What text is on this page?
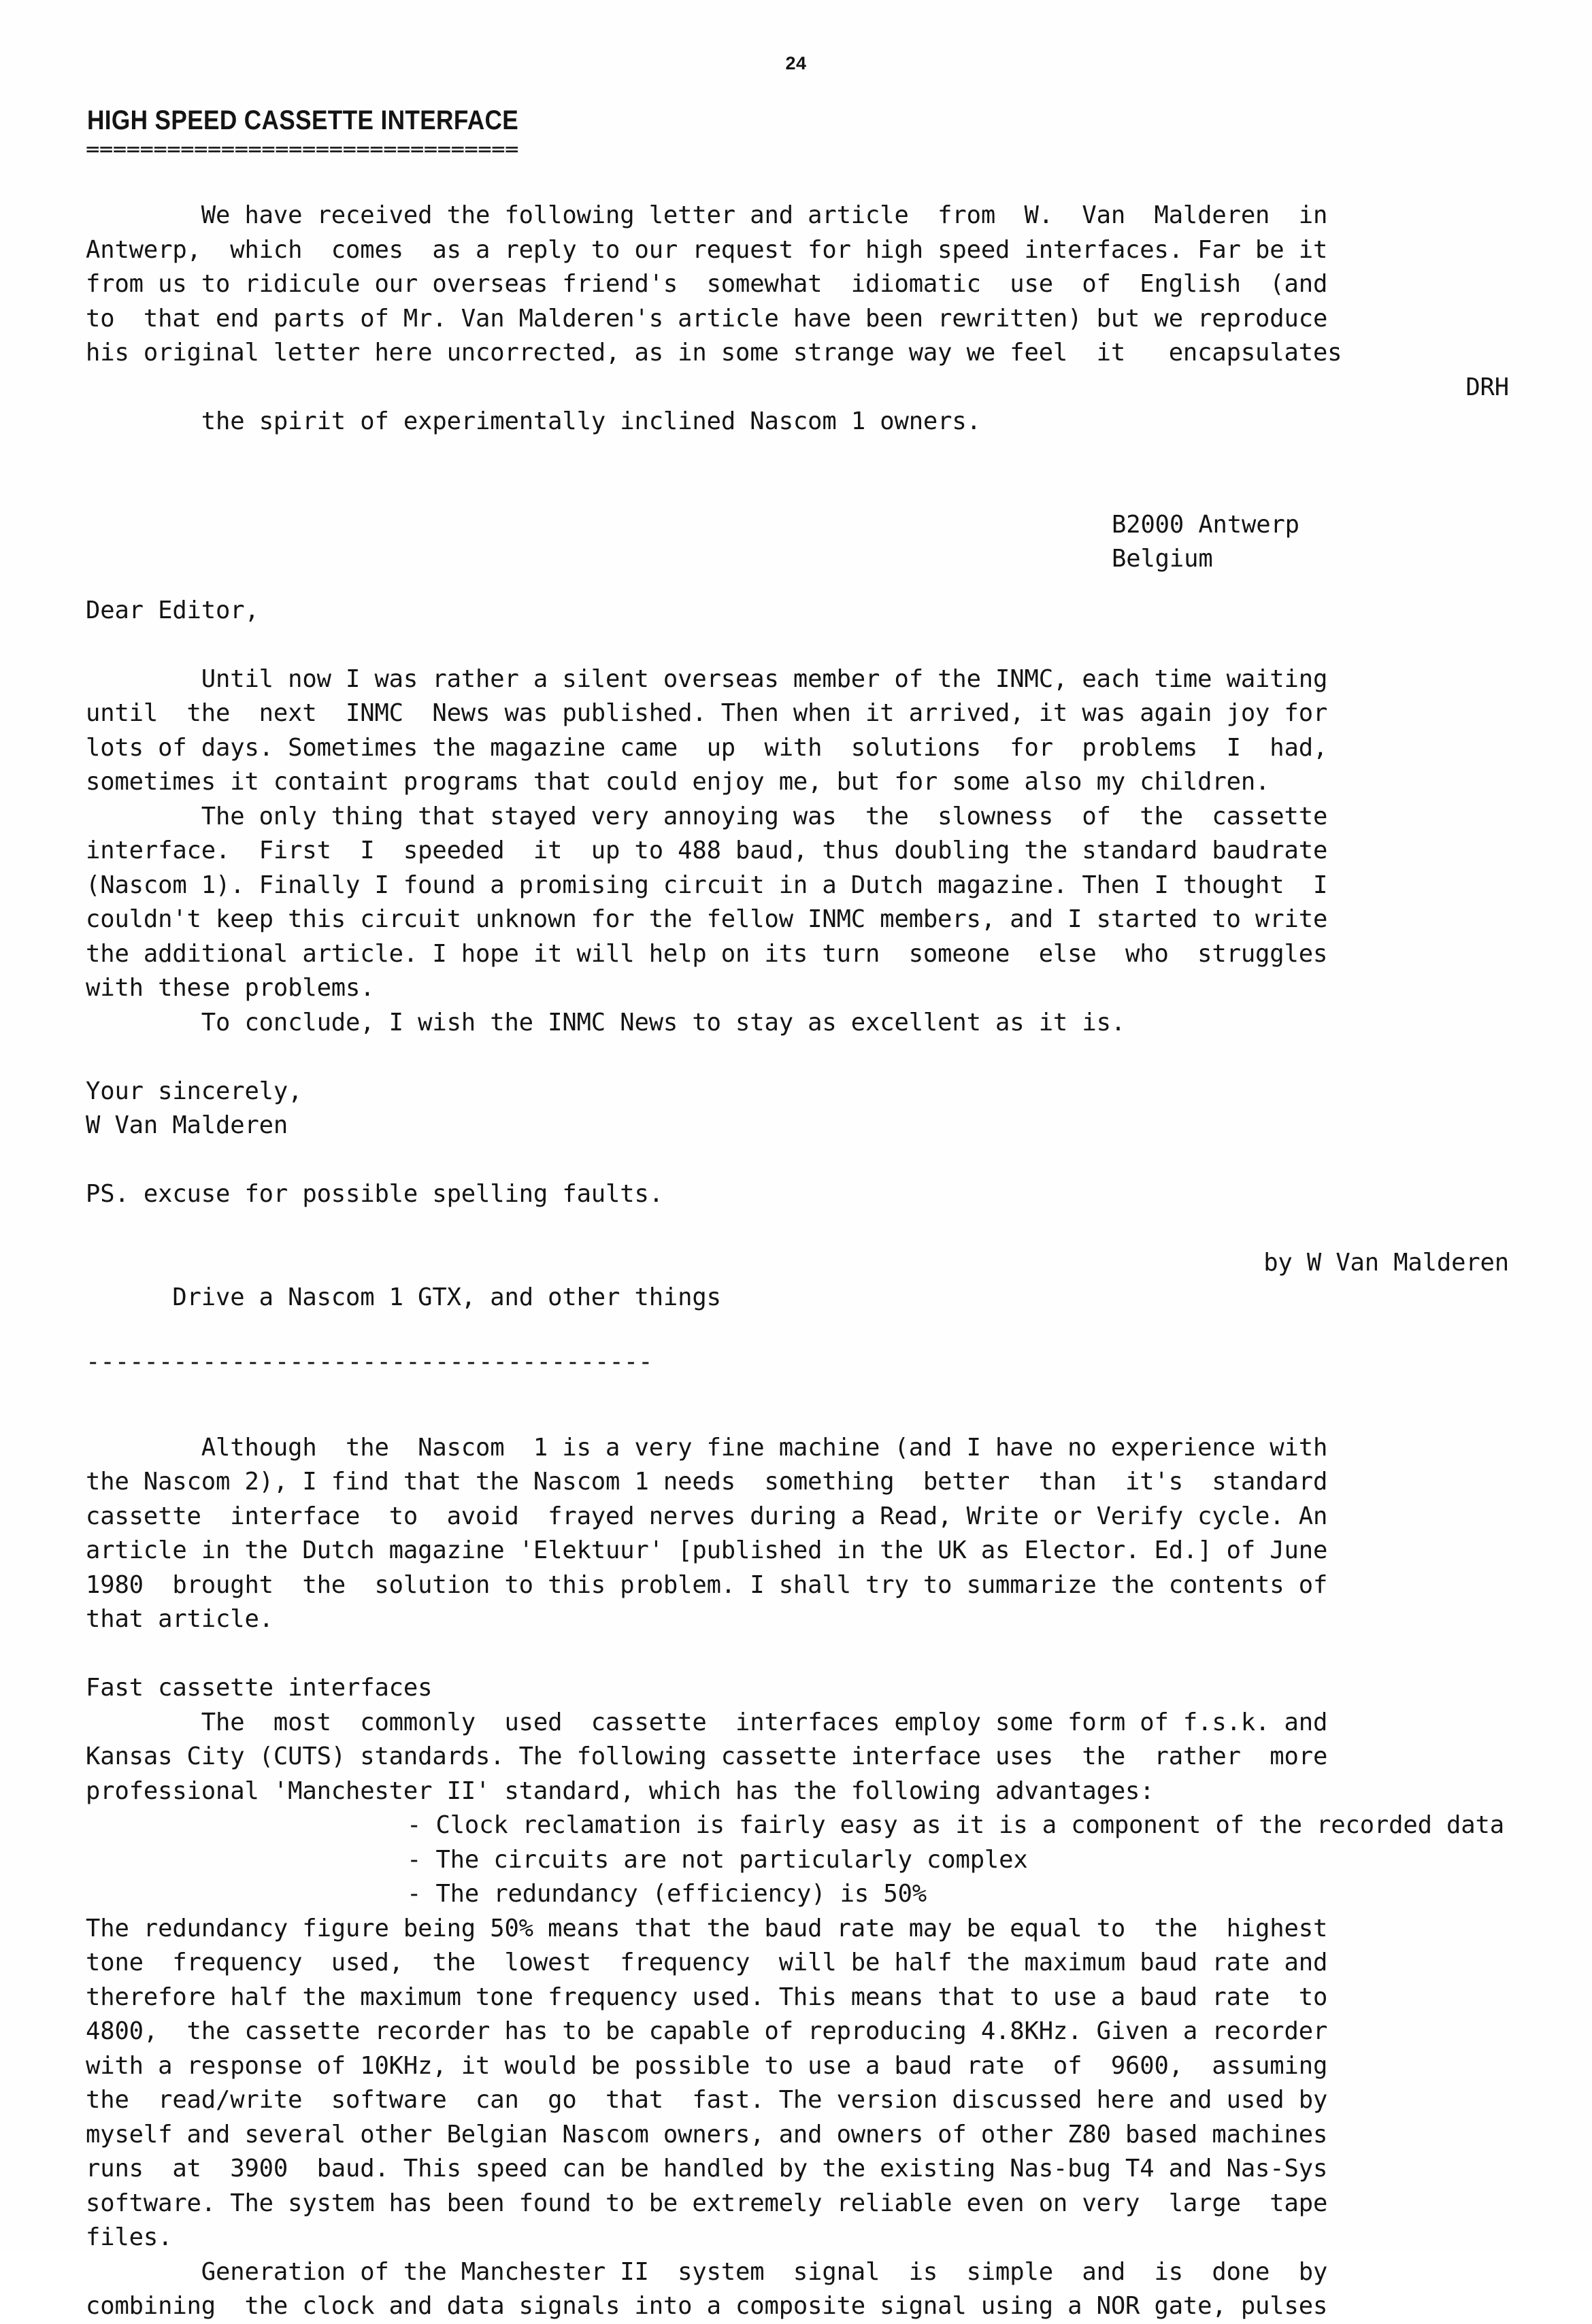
24
HIGH SPEED CASSETTE INTERFACE
================================
We have received the following letter and article  from  W.  Van  Malderen  in
Antwerp,  which  comes  as a reply to our request for high speed interfaces. Far be it
from us to ridicule our overseas friend's  somewhat  idiomatic  use  of  English  (and
to  that end parts of Mr. Van Malderen's article have been rewritten) but we reproduce
his original letter here uncorrected, as in some strange way we feel  it   encapsulates

the spirit of experimentally inclined Nascom 1 owners.
DRH

B2000 Antwerp
Belgium
Dear Editor,
Until now I was rather a silent overseas member of the INMC, each time waiting
until  the  next  INMC  News was published. Then when it arrived, it was again joy for
lots of days. Sometimes the magazine came  up  with  solutions  for  problems  I  had,
sometimes it containt programs that could enjoy me, but for some also my children.
The only thing that stayed very annoying was  the  slowness  of  the  cassette
interface.  First  I  speeded  it  up to 488 baud, thus doubling the standard baudrate
(Nascom 1). Finally I found a promising circuit in a Dutch magazine. Then I thought  I
couldn't keep this circuit unknown for the fellow INMC members, and I started to write
the additional article. I hope it will help on its turn  someone  else  who  struggles
with these problems.
To conclude, I wish the INMC News to stay as excellent as it is.
Your sincerely,
W Van Malderen
PS. excuse for possible spelling faults.

Drive a Nascom 1 GTX, and other things
by W Van Malderen

---------------------------------------
Although  the  Nascom  1 is a very fine machine (and I have no experience with
the Nascom 2), I find that the Nascom 1 needs  something  better  than  it's  standard
cassette  interface  to  avoid  frayed nerves during a Read, Write or Verify cycle. An
article in the Dutch magazine 'Elektuur' [published in the UK as Elector. Ed.] of June
1980  brought  the  solution to this problem. I shall try to summarize the contents of
that article.
Fast cassette interfaces
The  most  commonly  used  cassette  interfaces employ some form of f.s.k. and
Kansas City (CUTS) standards. The following cassette interface uses  the  rather  more
professional 'Manchester II' standard, which has the following advantages:
- Clock reclamation is fairly easy as it is a component of the recorded data
- The circuits are not particularly complex
- The redundancy (efficiency) is 50%
The redundancy figure being 50% means that the baud rate may be equal to  the  highest
tone  frequency  used,  the  lowest  frequency  will be half the maximum baud rate and
therefore half the maximum tone frequency used. This means that to use a baud rate  to
4800,  the cassette recorder has to be capable of reproducing 4.8KHz. Given a recorder
with a response of 10KHz, it would be possible to use a baud rate  of  9600,  assuming
the  read/write  software  can  go  that  fast. The version discussed here and used by
myself and several other Belgian Nascom owners, and owners of other Z80 based machines
runs  at  3900  baud. This speed can be handled by the existing Nas-bug T4 and Nas-Sys
software. The system has been found to be extremely reliable even on very  large  tape
files.
Generation of the Manchester II  system  signal  is  simple  and  is  done  by
combining  the clock and data signals into a composite signal using a NOR gate, pulses
